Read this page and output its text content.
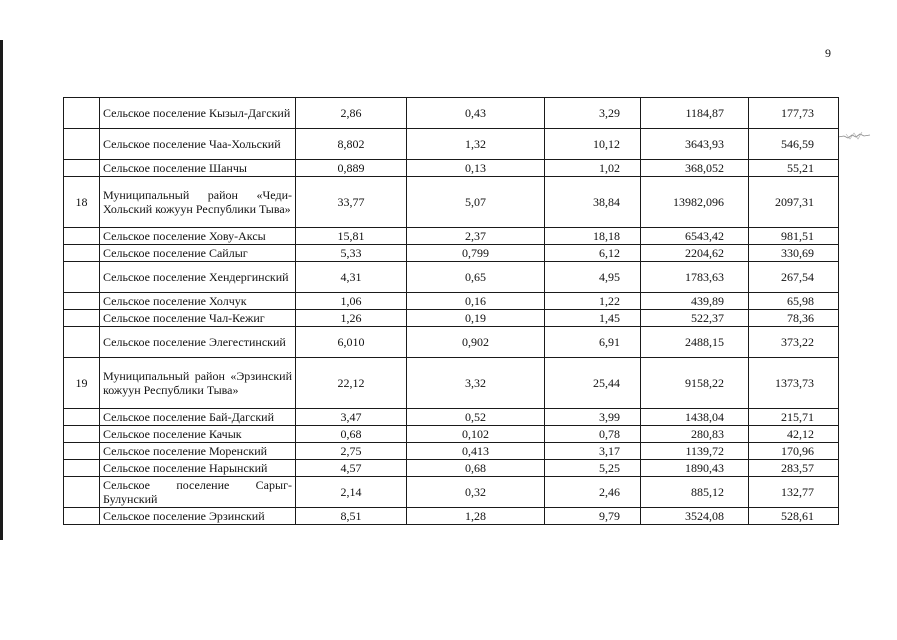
9
	Сельское поселение Кызыл-Дагский	2,86	0,43	3,29	1184,87	177,73
	Сельское поселение Чаа-Хольский	8,802	1,32	10,12	3643,93	546,59
	Сельское поселение Шанчы	0,889	0,13	1,02	368,052	55,21
18	Муниципальный район «Чеди-Хольский кожуун Республики Тыва»	33,77	5,07	38,84	13982,096	2097,31
	Сельское поселение Хову-Аксы	15,81	2,37	18,18	6543,42	981,51
	Сельское поселение Сайлыг	5,33	0,799	6,12	2204,62	330,69
	Сельское поселение Хендергинский	4,31	0,65	4,95	1783,63	267,54
	Сельское поселение Холчук	1,06	0,16	1,22	439,89	65,98
	Сельское поселение Чал-Кежиг	1,26	0,19	1,45	522,37	78,36
	Сельское поселение Элегестинский	6,010	0,902	6,91	2488,15	373,22
19	Муниципальный район «Эрзинский кожуун Республики Тыва»	22,12	3,32	25,44	9158,22	1373,73
	Сельское поселение Бай-Дагский	3,47	0,52	3,99	1438,04	215,71
	Сельское поселение Качык	0,68	0,102	0,78	280,83	42,12
	Сельское поселение Моренский	2,75	0,413	3,17	1139,72	170,96
	Сельское поселение Нарынский	4,57	0,68	5,25	1890,43	283,57
	Сельское поселение Сарыг-Булунский	2,14	0,32	2,46	885,12	132,77
	Сельское поселение Эрзинский	8,51	1,28	9,79	3524,08	528,61
